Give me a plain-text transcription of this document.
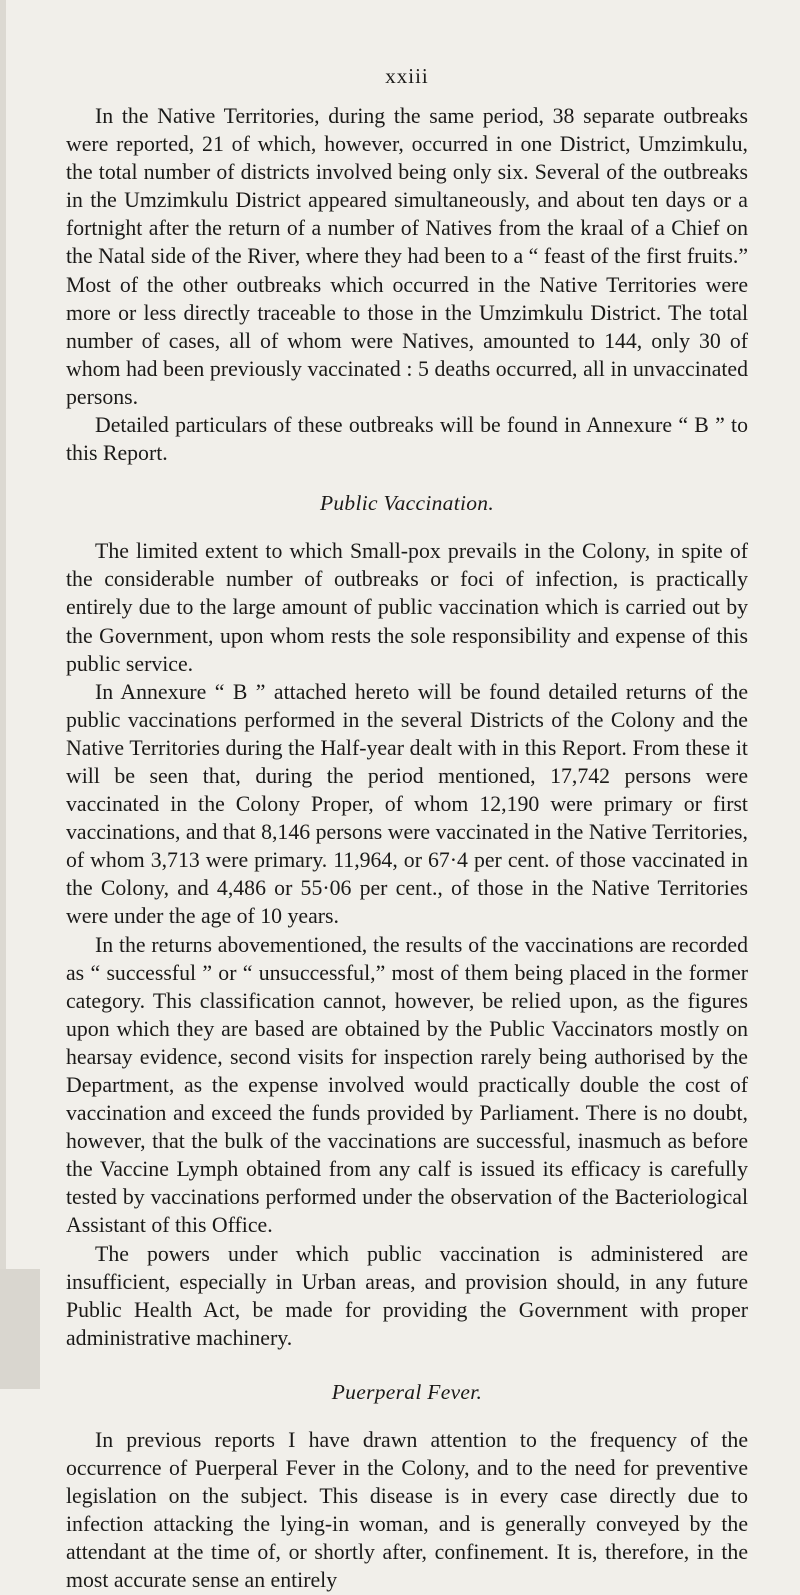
xxiii

In the Native Territories, during the same period, 38 separate outbreaks were reported, 21 of which, however, occurred in one District, Umzimkulu, the total number of districts involved being only six. Several of the outbreaks in the Umzimkulu District appeared simultaneously, and about ten days or a fortnight after the return of a number of Natives from the kraal of a Chief on the Natal side of the River, where they had been to a “ feast of the first fruits.” Most of the other outbreaks which occurred in the Native Territories were more or less directly traceable to those in the Umzimkulu District. The total number of cases, all of whom were Natives, amounted to 144, only 30 of whom had been previously vaccinated : 5 deaths occurred, all in unvaccinated persons.

Detailed particulars of these outbreaks will be found in Annexure “ B ” to this Report.

Public Vaccination.

The limited extent to which Small-pox prevails in the Colony, in spite of the considerable number of outbreaks or foci of infection, is practically entirely due to the large amount of public vaccination which is carried out by the Government, upon whom rests the sole responsibility and expense of this public service.

In Annexure “ B ” attached hereto will be found detailed returns of the public vaccinations performed in the several Districts of the Colony and the Native Territories during the Half-year dealt with in this Report. From these it will be seen that, during the period mentioned, 17,742 persons were vaccinated in the Colony Proper, of whom 12,190 were primary or first vaccinations, and that 8,146 persons were vaccinated in the Native Territories, of whom 3,713 were primary. 11,964, or 67·4 per cent. of those vaccinated in the Colony, and 4,486 or 55·06 per cent., of those in the Native Territories were under the age of 10 years.

In the returns abovementioned, the results of the vaccinations are recorded as “ successful ” or “ unsuccessful,” most of them being placed in the former category. This classification cannot, however, be relied upon, as the figures upon which they are based are obtained by the Public Vaccinators mostly on hearsay evidence, second visits for inspection rarely being authorised by the Department, as the expense involved would practically double the cost of vaccination and exceed the funds provided by Parliament. There is no doubt, however, that the bulk of the vaccinations are successful, inasmuch as before the Vaccine Lymph obtained from any calf is issued its efficacy is carefully tested by vaccinations performed under the observation of the Bacteriological Assistant of this Office.

The powers under which public vaccination is administered are insufficient, especially in Urban areas, and provision should, in any future Public Health Act, be made for providing the Government with proper administrative machinery.

Puerperal Fever.

In previous reports I have drawn attention to the frequency of the occurrence of Puerperal Fever in the Colony, and to the need for preventive legislation on the subject. This disease is in every case directly due to infection attacking the lying-in woman, and is generally conveyed by the attendant at the time of, or shortly after, confinement. It is, therefore, in the most accurate sense an entirely
